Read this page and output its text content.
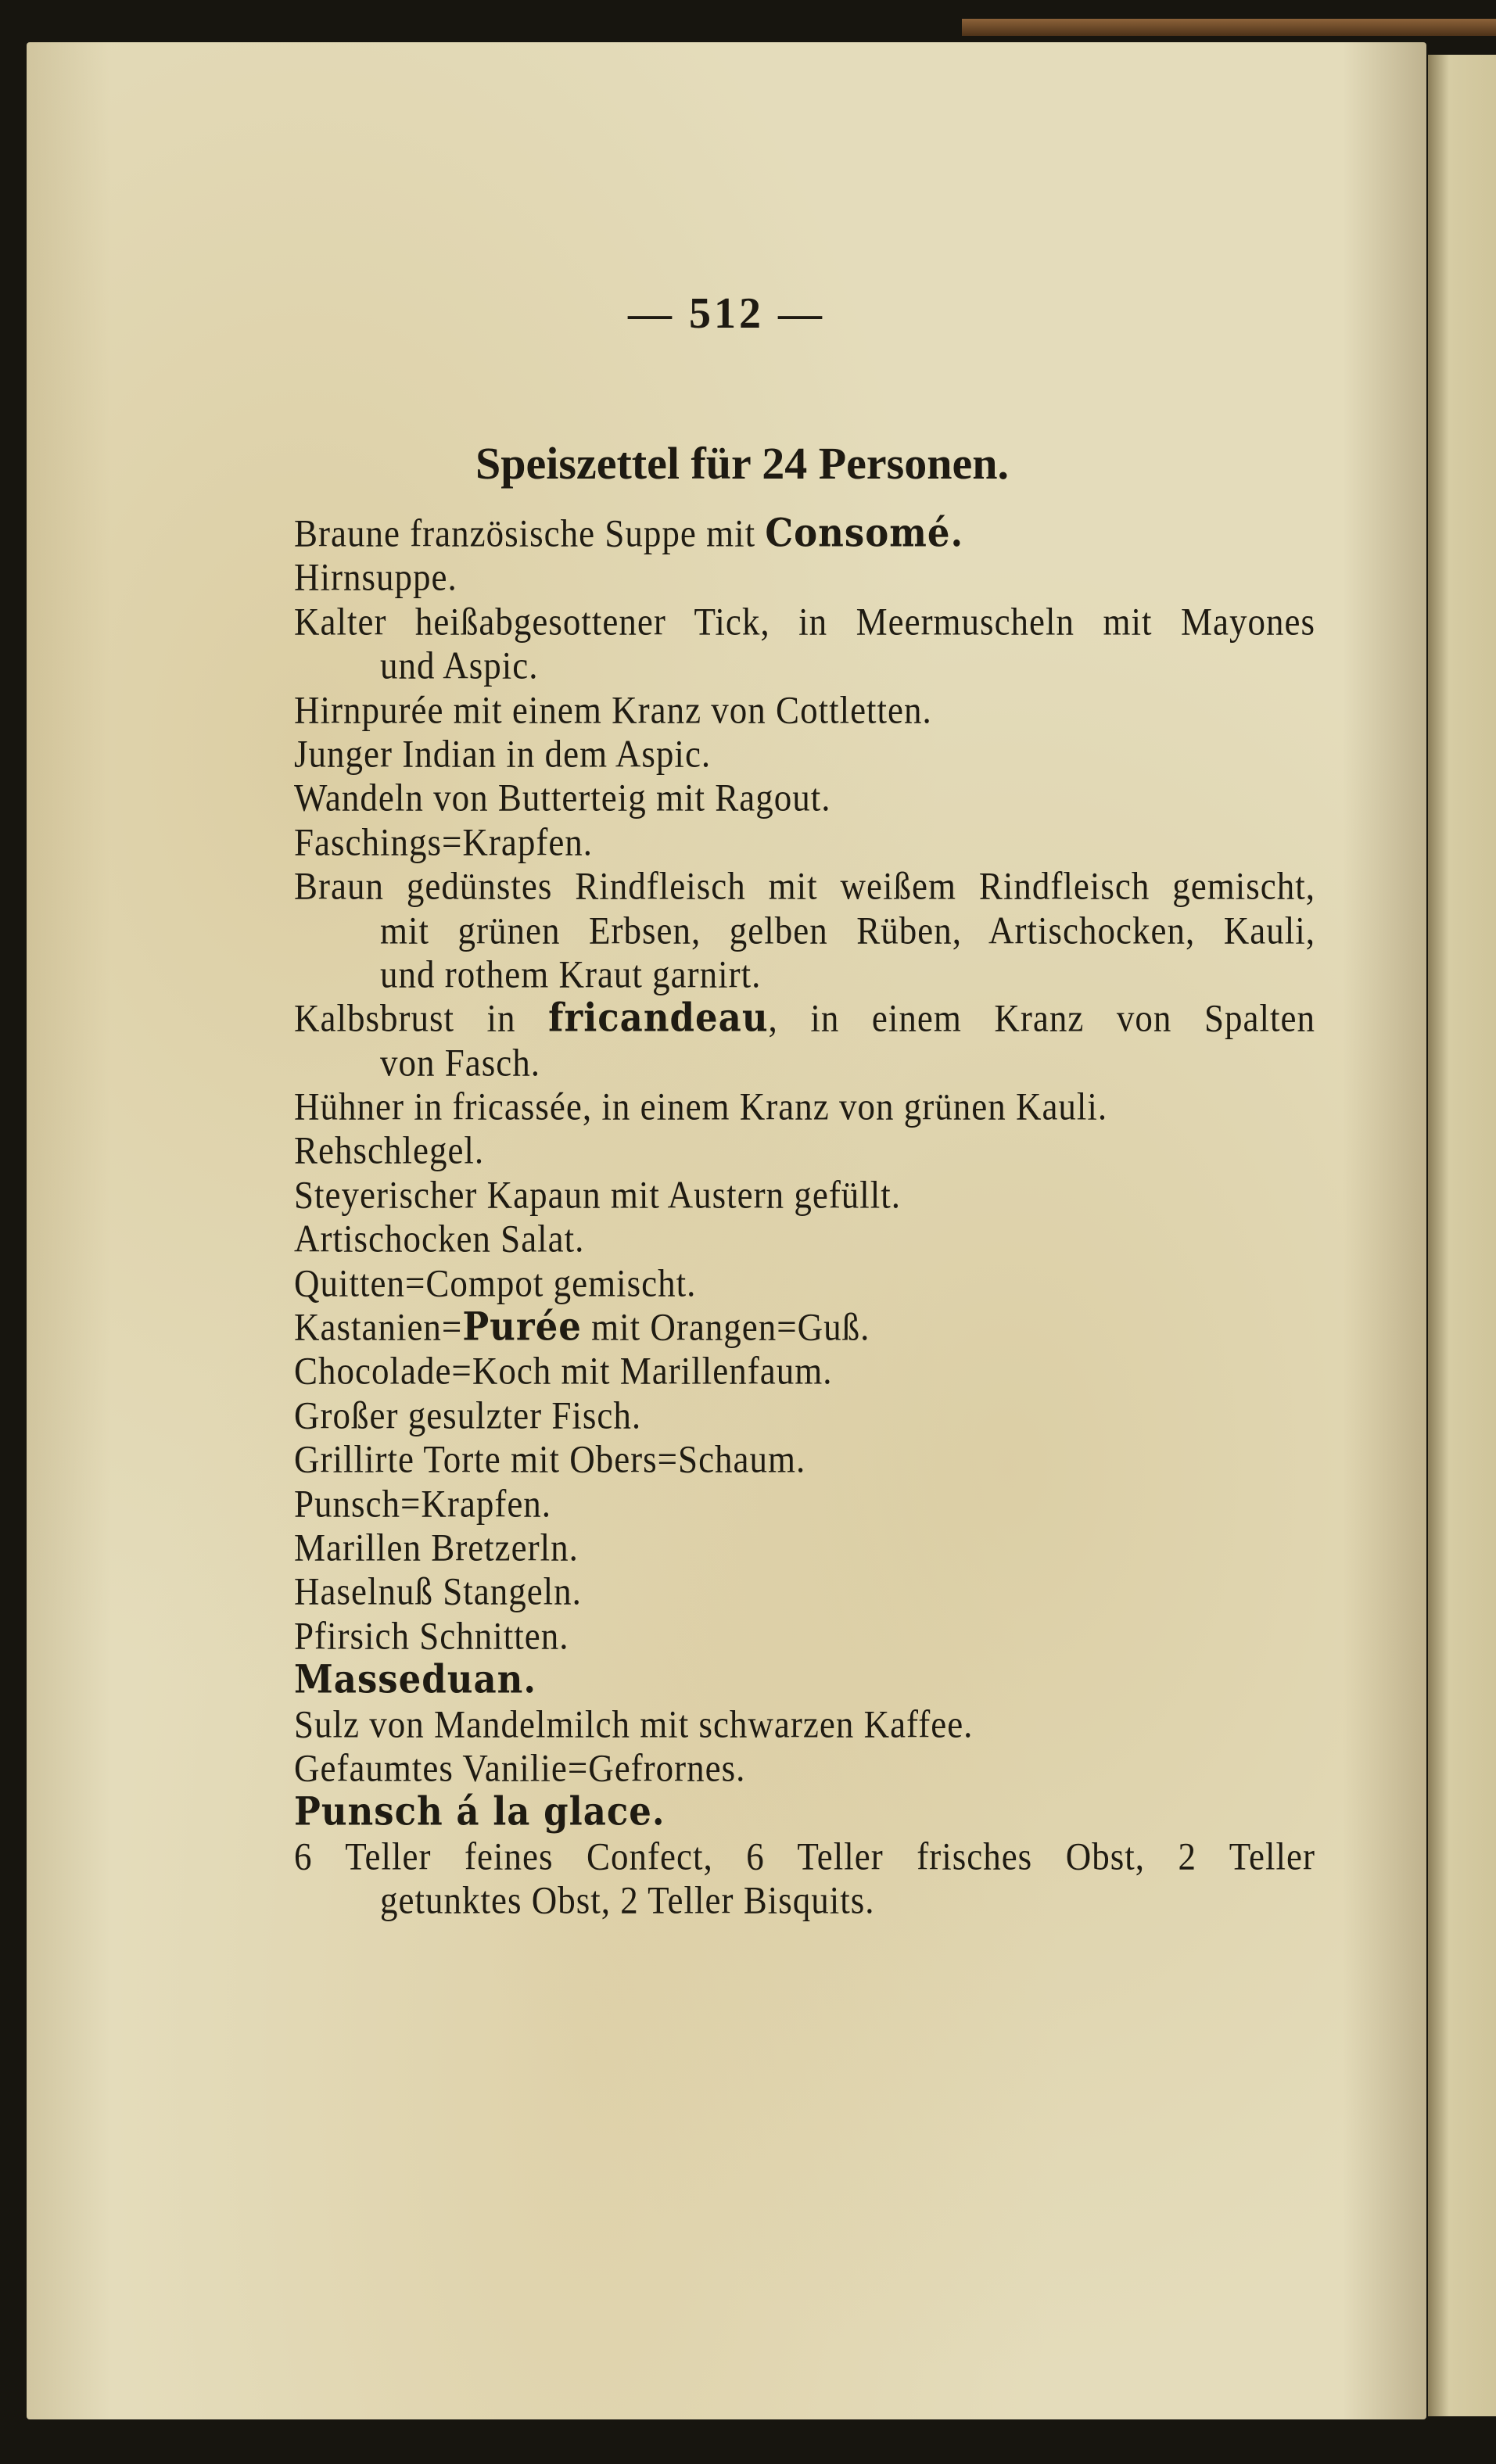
— 512 —
Speiszettel für 24 Personen.
Braune französische Suppe mit Consomé.
Hirnsuppe.
Kalter heißabgesottener Tick, in Meermuscheln mit Mayones
und Aspic.
Hirnpurée mit einem Kranz von Cottletten.
Junger Indian in dem Aspic.
Wandeln von Butterteig mit Ragout.
Faschings=Krapfen.
Braun gedünstes Rindfleisch mit weißem Rindfleisch gemischt,
mit grünen Erbsen, gelben Rüben, Artischocken, Kauli,
und rothem Kraut garnirt.
Kalbsbrust in fricandeau, in einem Kranz von Spalten
von Fasch.
Hühner in fricassée, in einem Kranz von grünen Kauli.
Rehschlegel.
Steyerischer Kapaun mit Austern gefüllt.
Artischocken Salat.
Quitten=Compot gemischt.
Kastanien=Purée mit Orangen=Guß.
Chocolade=Koch mit Marillenfaum.
Großer gesulzter Fisch.
Grillirte Torte mit Obers=Schaum.
Punsch=Krapfen.
Marillen Bretzerln.
Haselnuß Stangeln.
Pfirsich Schnitten.
Masseduan.
Sulz von Mandelmilch mit schwarzen Kaffee.
Gefaumtes Vanilie=Gefrornes.
Punsch á la glace.
6 Teller feines Confect, 6 Teller frisches Obst, 2 Teller
getunktes Obst, 2 Teller Bisquits.
